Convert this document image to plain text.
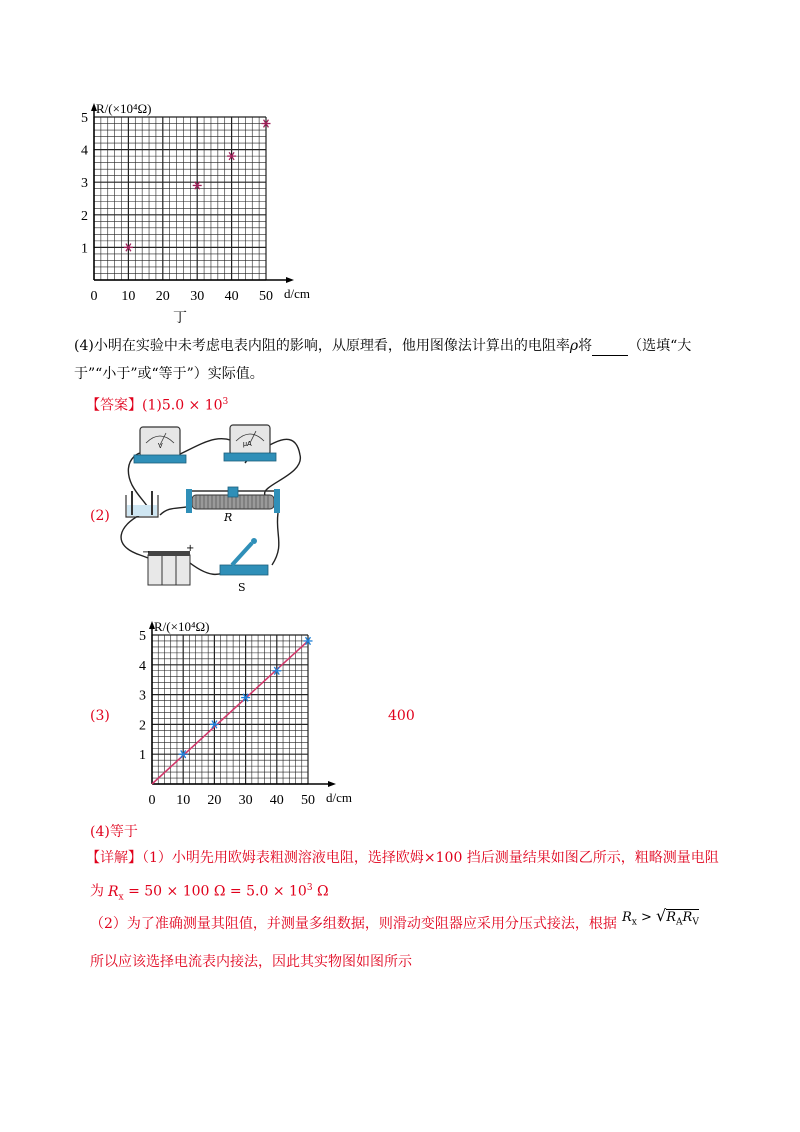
0 10 20 30 40 50
1
2
3
4
5
R/(×10⁴Ω)
d/cm
丁
(4)小明在实验中未考虑电表内阻的影响，从原理看，他用图像法计算出的电阻率ρ将	（选填“大
于”“小于”或“等于”）实际值。
【答案】$(1)5.0 \times 10^3$
(2)
V	μA
R
−	+
S
(3)
0 10 20 30 40 50
1
2
3
4
5
R/(×10⁴Ω)
d/cm
400
(4)等于
【详解】（1）小明先用欧姆表粗测溶液电阻，选择欧姆×100 挡后测量结果如图乙所示，粗略测量电阻
为 $R_x = 50 \times 100$ $\Omega = 5.0 \times 10^3$ Ω
（2）为了准确测量其阻值，并测量多组数据，则滑动变阻器应采用分压式接法，根据 $R_x > √R_AR_V$
所以应该选择电流表内接法，因此其实物图如图所示
